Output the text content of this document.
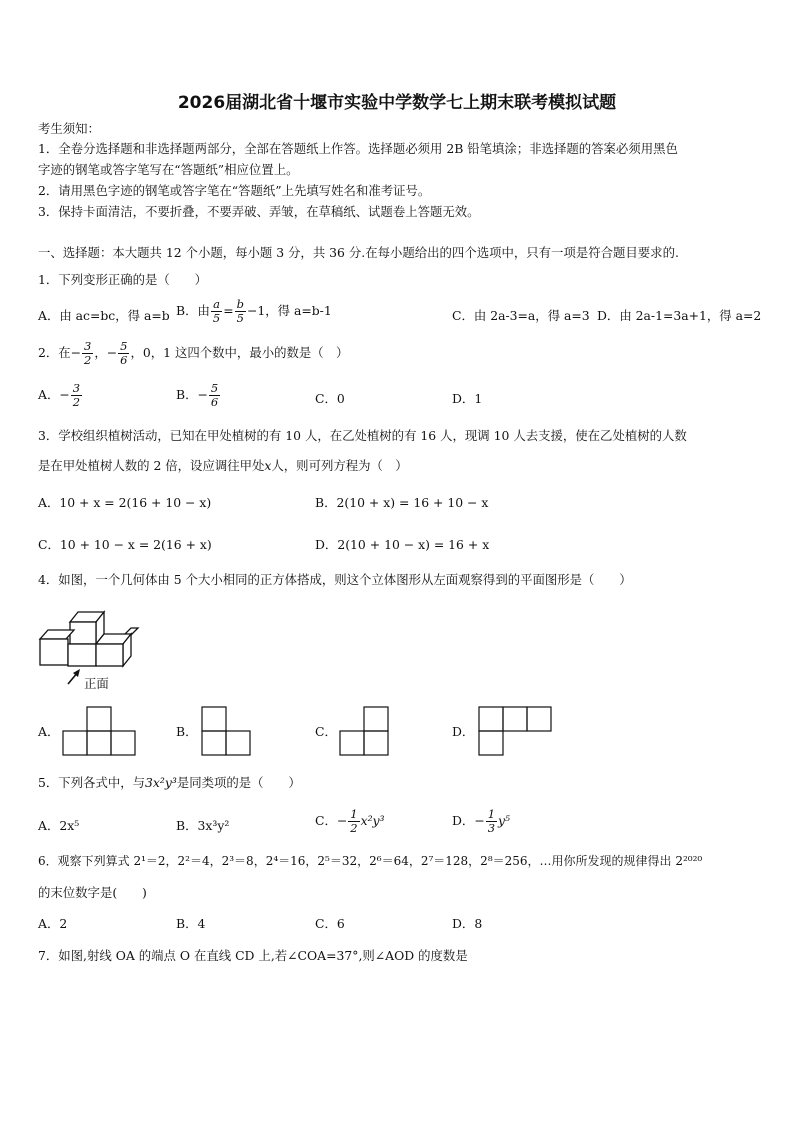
2026届湖北省十堰市实验中学数学七上期末联考模拟试题
考生须知：
1．全卷分选择题和非选择题两部分，全部在答题纸上作答。选择题必须用 2B 铅笔填涂；非选择题的答案必须用黑色
字迹的钢笔或答字笔写在“答题纸”相应位置上。
2．请用黑色字迹的钢笔或答字笔在“答题纸”上先填写姓名和准考证号。
3．保持卡面清洁，不要折叠，不要弄破、弄皱，在草稿纸、试题卷上答题无效。
一、选择题：本大题共 12 个小题，每小题 3 分，共 36 分.在每小题给出的四个选项中，只有一项是符合题目要求的.
1．下列变形正确的是（　　）
A．由 ac=bc，得 a=b B．由 $\frac{a}{5} = \frac{b}{5} -1$，得 a=b-1	C．由 2a-3=a，得 a=3 D．由 2a-1=3a+1，得 a=2
2．在− $\frac{3}{2}$ ，− $\frac{5}{6}$ ，0，1 这四个数中，最小的数是（　）
A．− $\frac{3}{2}$	B．− $\frac{5}{6}$	C．0	D．1
3．学校组织植树活动，已知在甲处植树的有 10 人，在乙处植树的有 16 人，现调 10 人去支援，使在乙处植树的人数
是在甲处植树人数的 2 倍，设应调往甲处x人，则可列方程为（　）
A．10 + x = 2(16 + 10 − x)	B．2(10 + x) = 16 + 10 − x
C．10 + 10 − x = 2(16 + x)	D．2(10 + 10 − x) = 16 + x
4．如图，一个几何体由 5 个大小相同的正方体搭成，则这个立体图形从左面观察得到的平面图形是（　　）
正面
A．	B．	C．	D．
5．下列各式中，与3x²y³是同类项的是（　　）
A．2x⁵	B．3x³y²	C．− $\frac{1}{2} x^2y^3$	D．− $\frac{1}{3} y^5$
6．观察下列算式 2¹＝2，2²＝4，2³＝8，2⁴＝16，2⁵＝32，2⁶＝64，2⁷＝128，2⁸＝256，…用你所发现的规律得出 2²⁰²⁰
的末位数字是(　　)
A．2	B．4	C．6	D．8
7．如图,射线 OA 的端点 O 在直线 CD 上,若∠COA=37°,则∠AOD 的度数是
